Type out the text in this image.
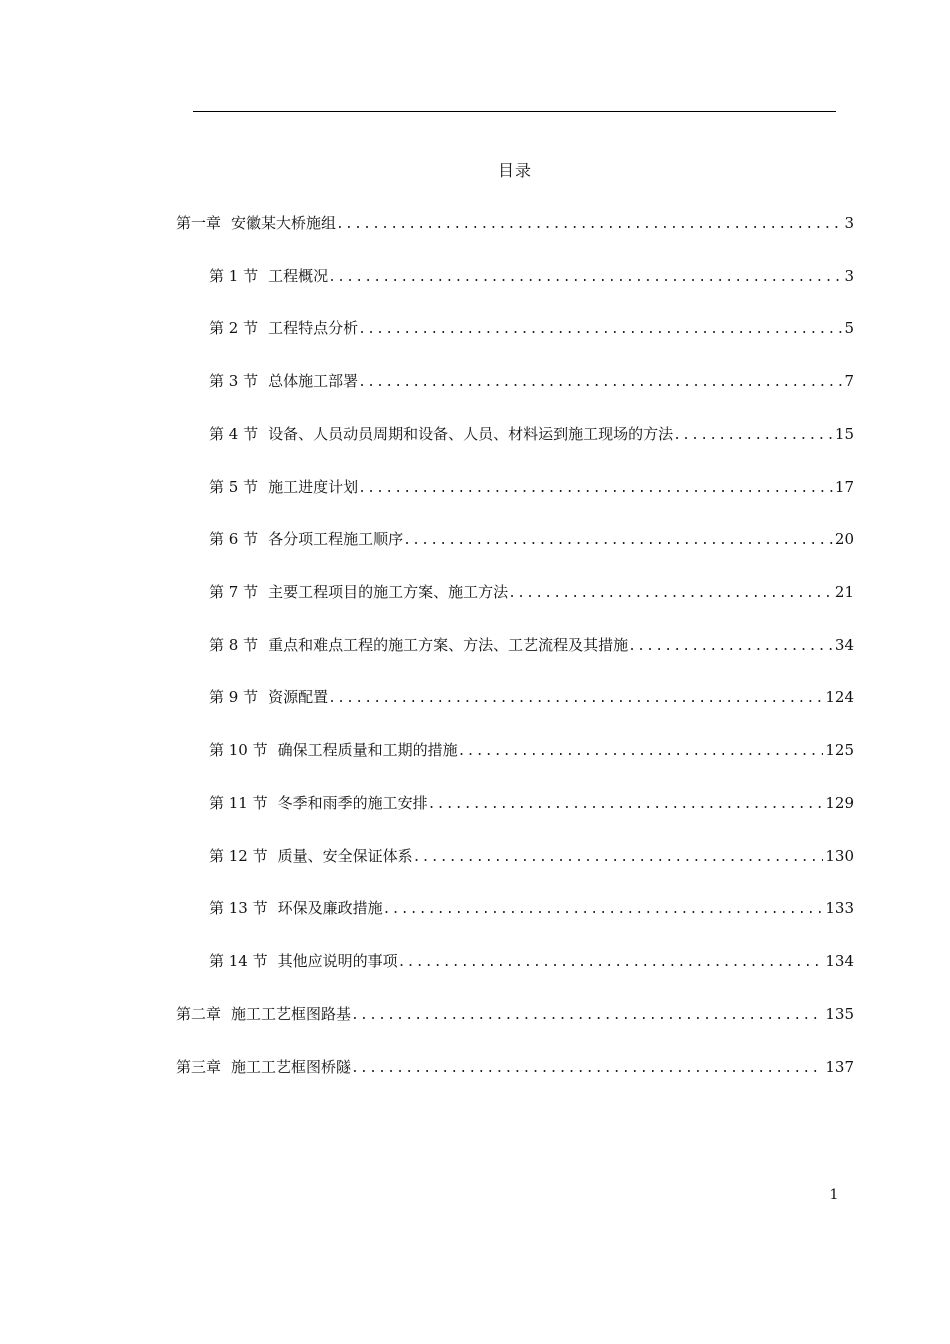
目录
第一章 安徽某大桥施组 .....	3
第 1 节 工程概况 .....	3
第 2 节 工程特点分析 .....	5
第 3 节 总体施工部署 .....	7
第 4 节 设备、人员动员周期和设备、人员、材料运到施工现场的方法 .....	15
第 5 节 施工进度计划 .....	17
第 6 节 各分项工程施工顺序 .....	20
第 7 节 主要工程项目的施工方案、施工方法 .....	21
第 8 节 重点和难点工程的施工方案、方法、工艺流程及其措施 .....	34
第 9 节 资源配置 .....	124
第 10 节 确保工程质量和工期的措施 .....	125
第 11 节 冬季和雨季的施工安排 .....	129
第 12 节 质量、安全保证体系 .....	130
第 13 节 环保及廉政措施 .....	133
第 14 节 其他应说明的事项 .....	134
第二章 施工工艺框图路基 .....	135
第三章 施工工艺框图桥隧 .....	137
1
